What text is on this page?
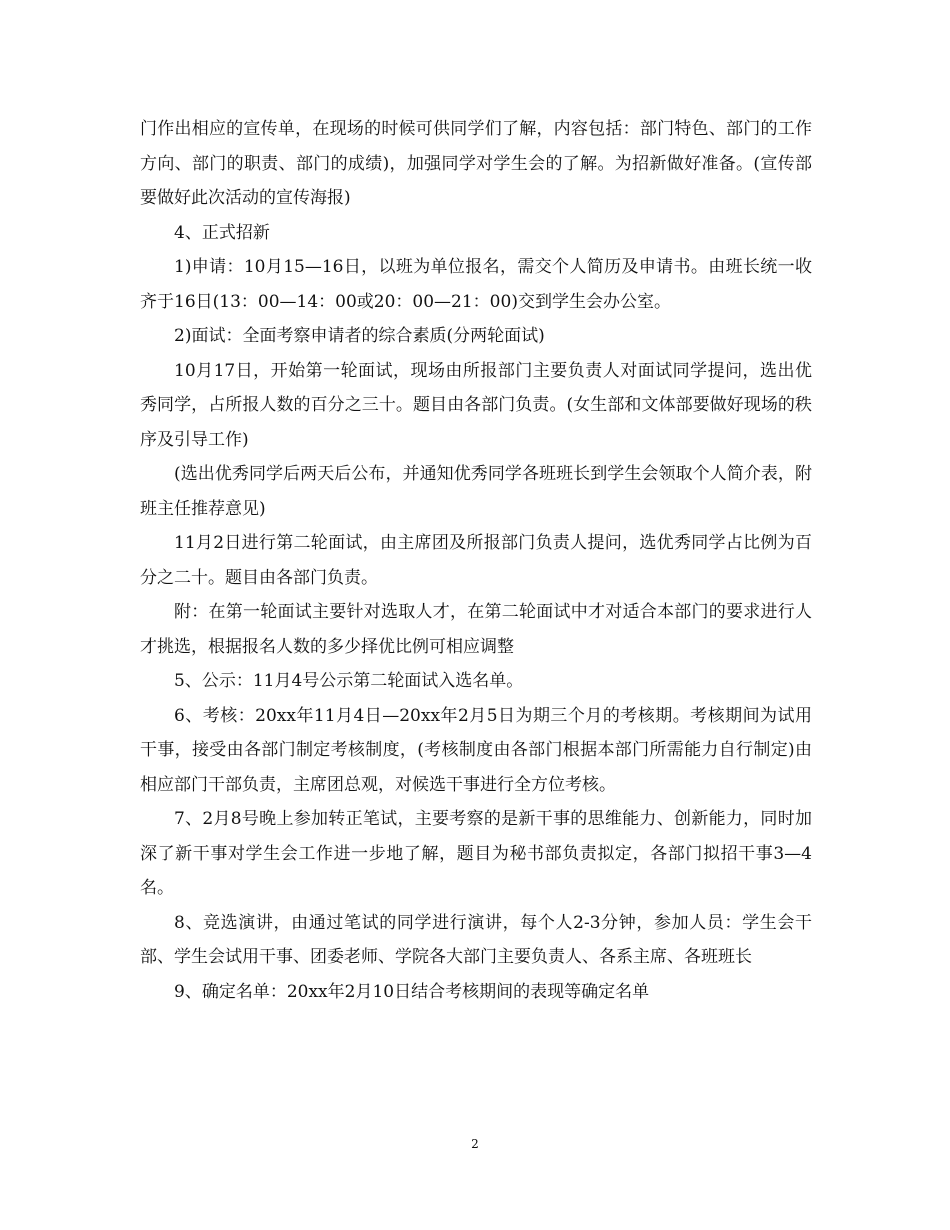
门作出相应的宣传单，在现场的时候可供同学们了解，内容包括：部门特色、部门的工作方向、部门的职责、部门的成绩)，加强同学对学生会的了解。为招新做好准备。(宣传部要做好此次活动的宣传海报)

4、正式招新

1)申请：10月15—16日，以班为单位报名，需交个人简历及申请书。由班长统一收齐于16日(13：00—14：00或20：00—21：00)交到学生会办公室。

2)面试：全面考察申请者的综合素质(分两轮面试)

10月17日，开始第一轮面试，现场由所报部门主要负责人对面试同学提问，选出优秀同学，占所报人数的百分之三十。题目由各部门负责。(女生部和文体部要做好现场的秩序及引导工作)

(选出优秀同学后两天后公布，并通知优秀同学各班班长到学生会领取个人简介表，附班主任推荐意见)

11月2日进行第二轮面试，由主席团及所报部门负责人提问，选优秀同学占比例为百分之二十。题目由各部门负责。

附：在第一轮面试主要针对选取人才，在第二轮面试中才对适合本部门的要求进行人才挑选，根据报名人数的多少择优比例可相应调整

5、公示：11月4号公示第二轮面试入选名单。

6、考核：20xx年11月4日—20xx年2月5日为期三个月的考核期。考核期间为试用干事，接受由各部门制定考核制度，(考核制度由各部门根据本部门所需能力自行制定)由相应部门干部负责，主席团总观，对候选干事进行全方位考核。

7、2月8号晚上参加转正笔试，主要考察的是新干事的思维能力、创新能力，同时加深了新干事对学生会工作进一步地了解，题目为秘书部负责拟定，各部门拟招干事3—4名。

8、竞选演讲，由通过笔试的同学进行演讲，每个人2-3分钟，参加人员：学生会干部、学生会试用干事、团委老师、学院各大部门主要负责人、各系主席、各班班长

9、确定名单：20xx年2月10日结合考核期间的表现等确定名单

2
